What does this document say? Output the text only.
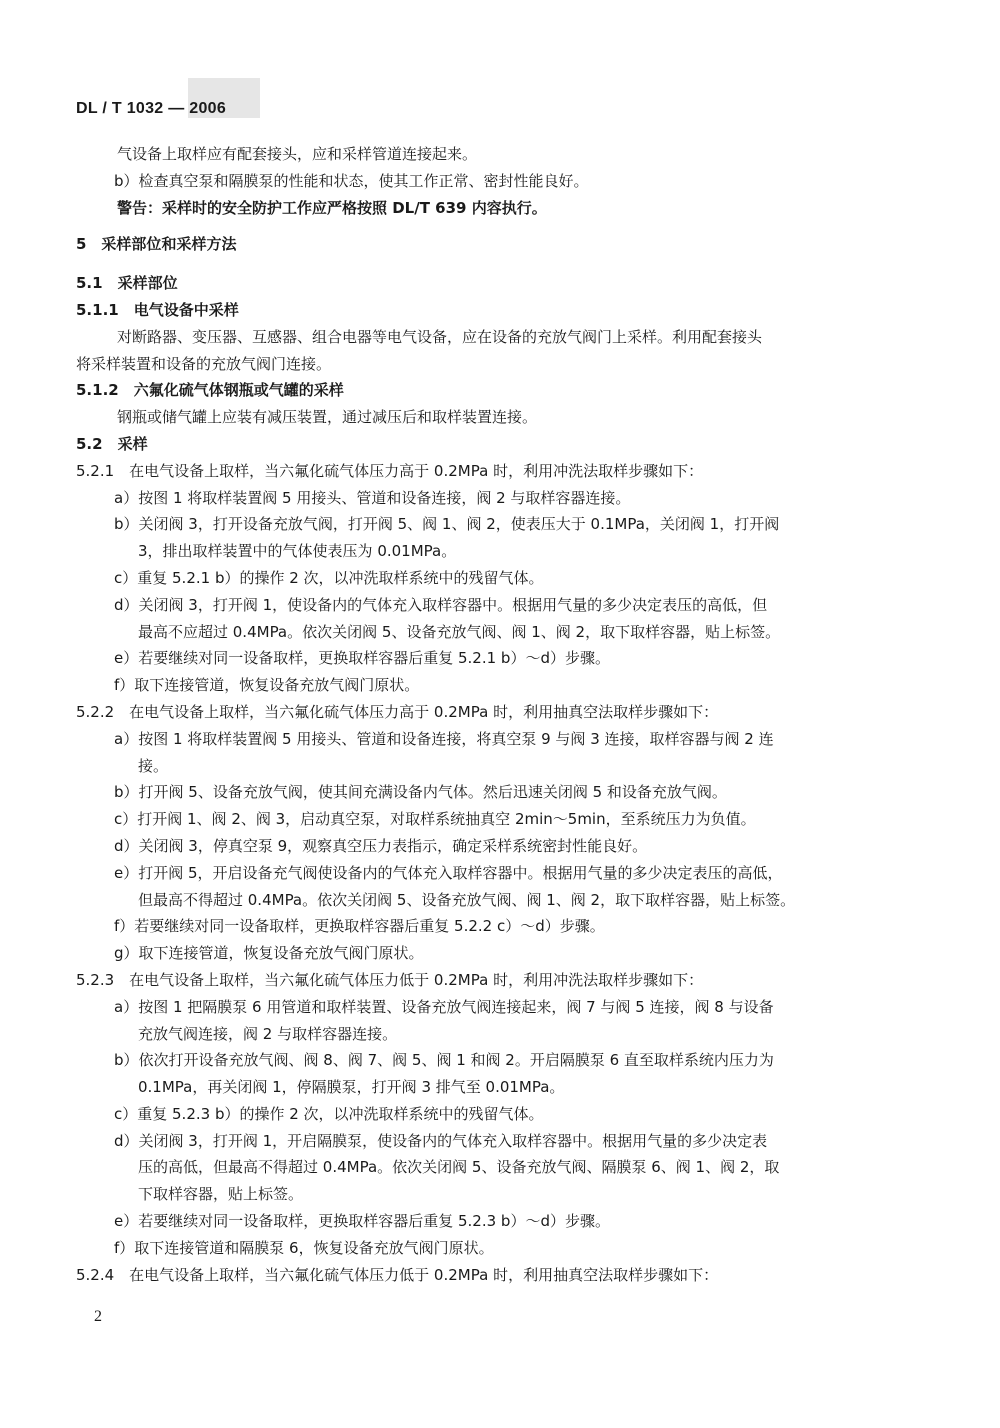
DL / T 1032 — 2006
气设备上取样应有配套接头，应和采样管道连接起来。
b）检查真空泵和隔膜泵的性能和状态，使其工作正常、密封性能良好。
警告：采样时的安全防护工作应严格按照 DL/T 639 内容执行。
5　采样部位和采样方法
5.1　采样部位
5.1.1　电气设备中采样
对断路器、变压器、互感器、组合电器等电气设备，应在设备的充放气阀门上采样。利用配套接头
将采样装置和设备的充放气阀门连接。
5.1.2　六氟化硫气体钢瓶或气罐的采样
钢瓶或储气罐上应装有减压装置，通过减压后和取样装置连接。
5.2　采样
5.2.1　在电气设备上取样，当六氟化硫气体压力高于 0.2MPa 时，利用冲洗法取样步骤如下：
a）按图 1 将取样装置阀 5 用接头、管道和设备连接，阀 2 与取样容器连接。
b）关闭阀 3，打开设备充放气阀，打开阀 5、阀 1、阀 2，使表压大于 0.1MPa，关闭阀 1，打开阀
3，排出取样装置中的气体使表压为 0.01MPa。
c）重复 5.2.1 b）的操作 2 次，以冲洗取样系统中的残留气体。
d）关闭阀 3，打开阀 1，使设备内的气体充入取样容器中。根据用气量的多少决定表压的高低，但
最高不应超过 0.4MPa。依次关闭阀 5、设备充放气阀、阀 1、阀 2，取下取样容器，贴上标签。
e）若要继续对同一设备取样，更换取样容器后重复 5.2.1 b）～d）步骤。
f）取下连接管道，恢复设备充放气阀门原状。
5.2.2　在电气设备上取样，当六氟化硫气体压力高于 0.2MPa 时，利用抽真空法取样步骤如下：
a）按图 1 将取样装置阀 5 用接头、管道和设备连接，将真空泵 9 与阀 3 连接，取样容器与阀 2 连
接。
b）打开阀 5、设备充放气阀，使其间充满设备内气体。然后迅速关闭阀 5 和设备充放气阀。
c）打开阀 1、阀 2、阀 3，启动真空泵，对取样系统抽真空 2min～5min，至系统压力为负值。
d）关闭阀 3，停真空泵 9，观察真空压力表指示，确定采样系统密封性能良好。
e）打开阀 5，开启设备充气阀使设备内的气体充入取样容器中。根据用气量的多少决定表压的高低，
但最高不得超过 0.4MPa。依次关闭阀 5、设备充放气阀、阀 1、阀 2，取下取样容器，贴上标签。
f）若要继续对同一设备取样，更换取样容器后重复 5.2.2 c）～d）步骤。
g）取下连接管道，恢复设备充放气阀门原状。
5.2.3　在电气设备上取样，当六氟化硫气体压力低于 0.2MPa 时，利用冲洗法取样步骤如下：
a）按图 1 把隔膜泵 6 用管道和取样装置、设备充放气阀连接起来，阀 7 与阀 5 连接，阀 8 与设备
充放气阀连接，阀 2 与取样容器连接。
b）依次打开设备充放气阀、阀 8、阀 7、阀 5、阀 1 和阀 2。开启隔膜泵 6 直至取样系统内压力为
0.1MPa，再关闭阀 1，停隔膜泵，打开阀 3 排气至 0.01MPa。
c）重复 5.2.3 b）的操作 2 次，以冲洗取样系统中的残留气体。
d）关闭阀 3，打开阀 1，开启隔膜泵，使设备内的气体充入取样容器中。根据用气量的多少决定表
压的高低，但最高不得超过 0.4MPa。依次关闭阀 5、设备充放气阀、隔膜泵 6、阀 1、阀 2，取
下取样容器，贴上标签。
e）若要继续对同一设备取样，更换取样容器后重复 5.2.3 b）～d）步骤。
f）取下连接管道和隔膜泵 6，恢复设备充放气阀门原状。
5.2.4　在电气设备上取样，当六氟化硫气体压力低于 0.2MPa 时，利用抽真空法取样步骤如下：
2
